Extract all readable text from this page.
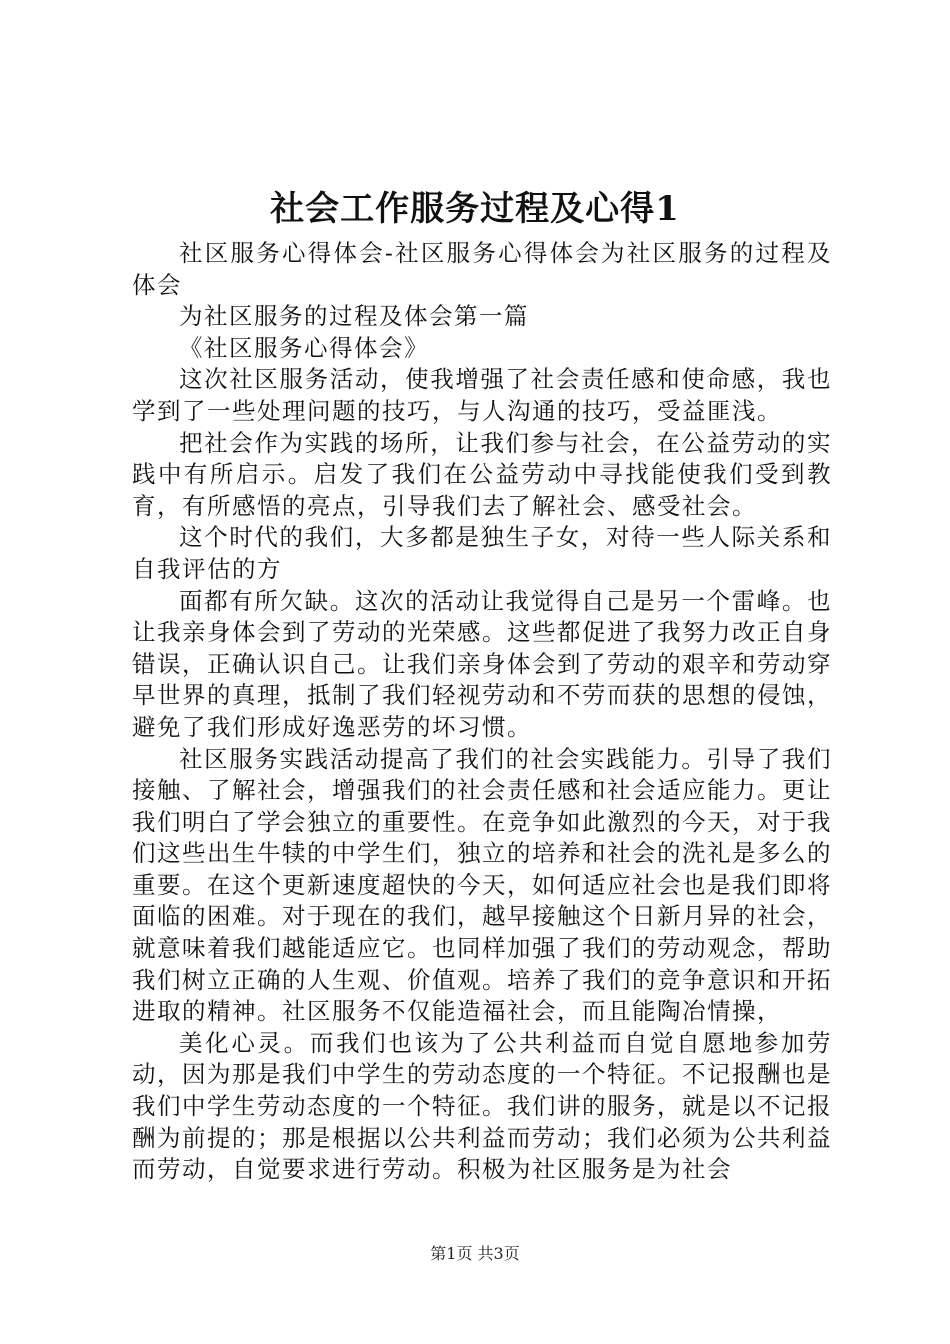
社会工作服务过程及心得1

社区服务心得体会-社区服务心得体会为社区服务的过程及体会

为社区服务的过程及体会第一篇

《社区服务心得体会》

这次社区服务活动，使我增强了社会责任感和使命感，我也学到了一些处理问题的技巧，与人沟通的技巧，受益匪浅。

把社会作为实践的场所，让我们参与社会，在公益劳动的实践中有所启示。启发了我们在公益劳动中寻找能使我们受到教育，有所感悟的亮点，引导我们去了解社会、感受社会。

这个时代的我们，大多都是独生子女，对待一些人际关系和自我评估的方

面都有所欠缺。这次的活动让我觉得自己是另一个雷峰。也让我亲身体会到了劳动的光荣感。这些都促进了我努力改正自身错误，正确认识自己。让我们亲身体会到了劳动的艰辛和劳动穿早世界的真理，抵制了我们轻视劳动和不劳而获的思想的侵蚀，避免了我们形成好逸恶劳的坏习惯。

社区服务实践活动提高了我们的社会实践能力。引导了我们接触、了解社会，增强我们的社会责任感和社会适应能力。更让我们明白了学会独立的重要性。在竞争如此激烈的今天，对于我们这些出生牛犊的中学生们，独立的培养和社会的洗礼是多么的重要。在这个更新速度超快的今天，如何适应社会也是我们即将面临的困难。对于现在的我们，越早接触这个日新月异的社会，就意味着我们越能适应它。也同样加强了我们的劳动观念，帮助我们树立正确的人生观、价值观。培养了我们的竞争意识和开拓进取的精神。社区服务不仅能造福社会，而且能陶冶情操，

美化心灵。而我们也该为了公共利益而自觉自愿地参加劳动，因为那是我们中学生的劳动态度的一个特征。不记报酬也是我们中学生劳动态度的一个特征。我们讲的服务，就是以不记报酬为前提的；那是根据以公共利益而劳动；我们必须为公共利益而劳动，自觉要求进行劳动。积极为社区服务是为社会

第1页 共3页
